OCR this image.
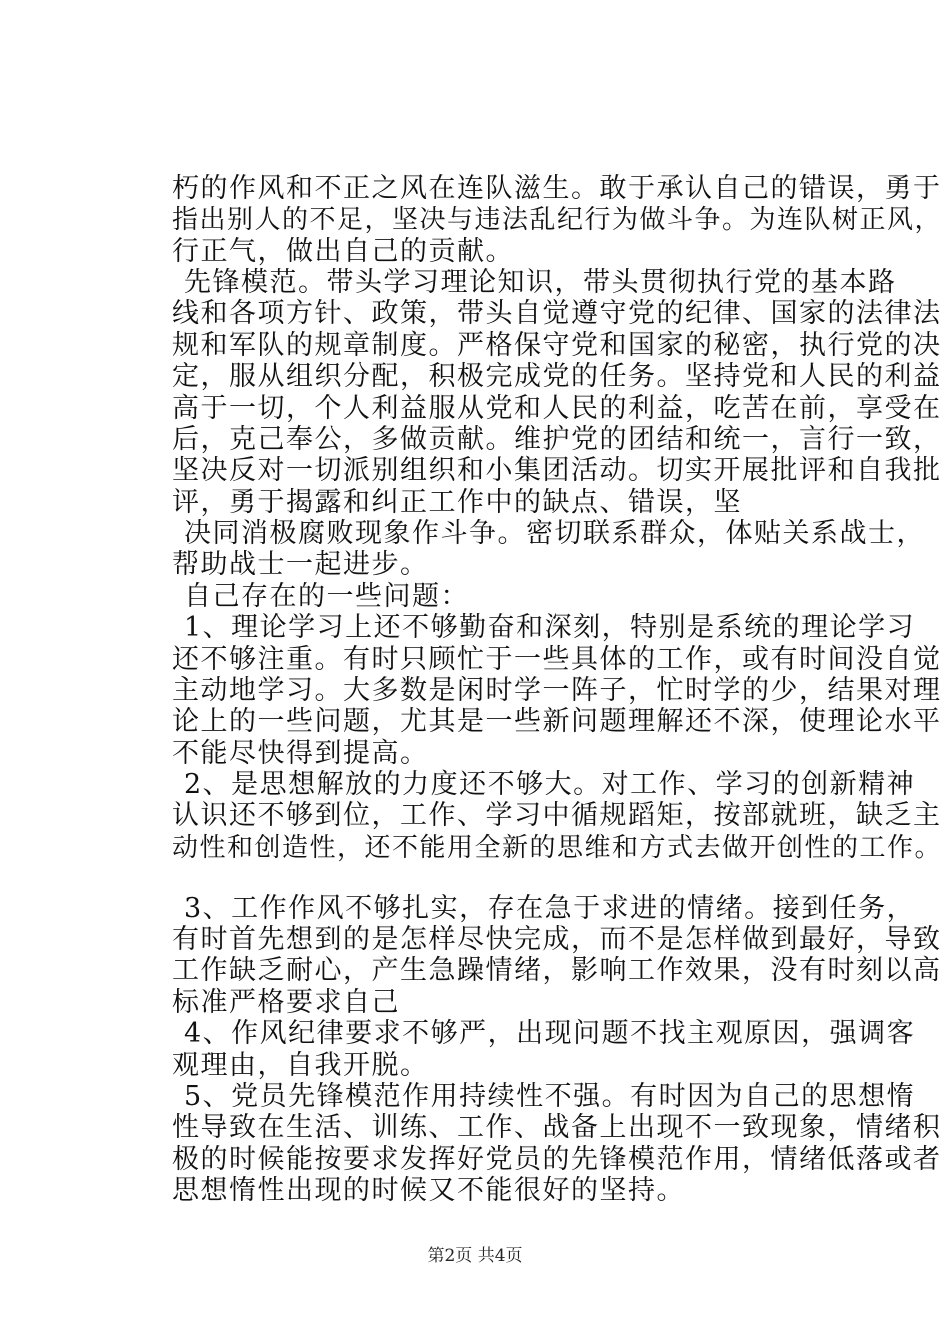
朽的作风和不正之风在连队滋生。敢于承认自己的错误，勇于
指出别人的不足，坚决与违法乱纪行为做斗争。为连队树正风，
行正气，做出自己的贡献。
先锋模范。带头学习理论知识，带头贯彻执行党的基本路
线和各项方针、政策，带头自觉遵守党的纪律、国家的法律法
规和军队的规章制度。严格保守党和国家的秘密，执行党的决
定，服从组织分配，积极完成党的任务。坚持党和人民的利益
高于一切，个人利益服从党和人民的利益，吃苦在前，享受在
后，克己奉公，多做贡献。维护党的团结和统一，言行一致，
坚决反对一切派别组织和小集团活动。切实开展批评和自我批
评，勇于揭露和纠正工作中的缺点、错误，坚
决同消极腐败现象作斗争。密切联系群众，体贴关系战士，
帮助战士一起进步。
自己存在的一些问题：
1、理论学习上还不够勤奋和深刻，特别是系统的理论学习
还不够注重。有时只顾忙于一些具体的工作，或有时间没自觉
主动地学习。大多数是闲时学一阵子，忙时学的少，结果对理
论上的一些问题，尤其是一些新问题理解还不深，使理论水平
不能尽快得到提高。
2、是思想解放的力度还不够大。对工作、学习的创新精神
认识还不够到位，工作、学习中循规蹈矩，按部就班，缺乏主
动性和创造性，还不能用全新的思维和方式去做开创性的工作。
3、工作作风不够扎实，存在急于求进的情绪。接到任务，
有时首先想到的是怎样尽快完成，而不是怎样做到最好，导致
工作缺乏耐心，产生急躁情绪，影响工作效果，没有时刻以高
标准严格要求自己
4、作风纪律要求不够严，出现问题不找主观原因，强调客
观理由，自我开脱。
5、党员先锋模范作用持续性不强。有时因为自己的思想惰
性导致在生活、训练、工作、战备上出现不一致现象，情绪积
极的时候能按要求发挥好党员的先锋模范作用，情绪低落或者
思想惰性出现的时候又不能很好的坚持。
第2页 共4页
